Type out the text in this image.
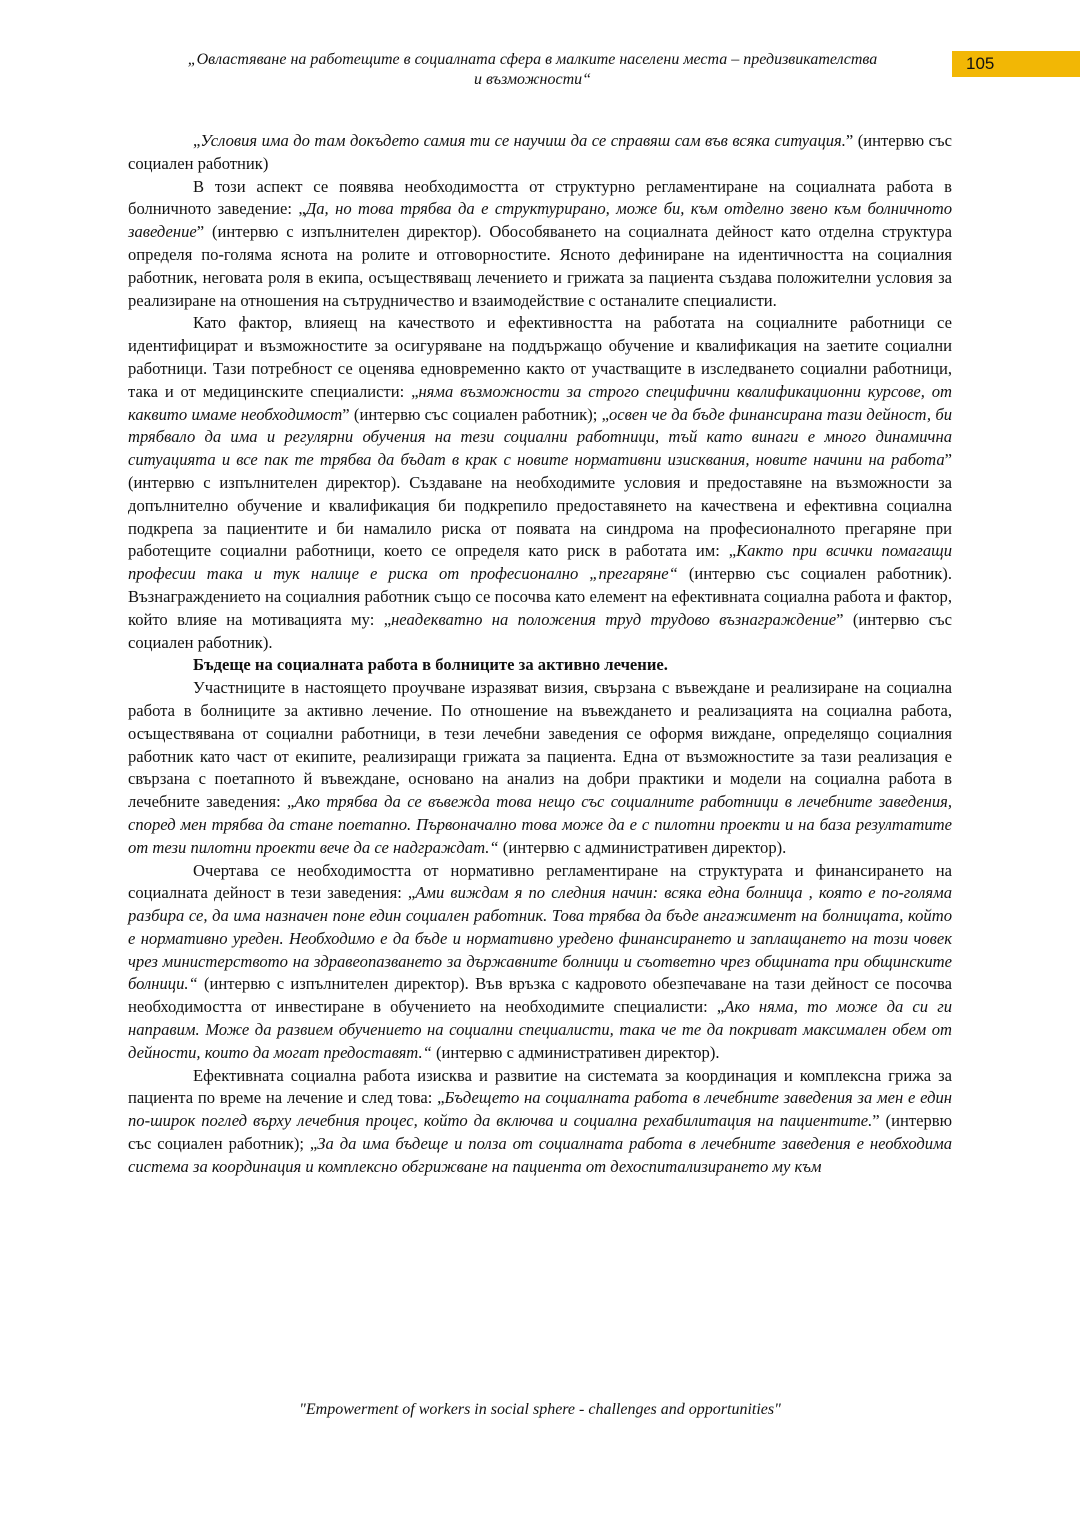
„Овластяване на работещите в социалната сфера в малките населени места – предизвикателства
и възможности“
105

„Условия има до там докъдето самия ти се научиш да се справяш сам във всяка ситуация.” (интервю със социален работник)

В този аспект се появява необходимостта от структурно регламентиране на социалната работа в болничното заведение: „Да, но това трябва да е структурирано, може би, към отделно звено към болничното заведение” (интервю с изпълнителен директор). Обособяването на социалната дейност като отделна структура определя по-голяма яснота на ролите и отговорностите. Ясното дефиниране на идентичността на социалния работник, неговата роля в екипа, осъществяващ лечението и грижата за пациента създава положителни условия за реализиране на отношения на сътрудничество и взаимодействие с останалите специалисти.

Като фактор, влияещ на качеството и ефективността на работата на социалните работници се идентифицират и възможностите за осигуряване на поддържащо обучение и квалификация на заетите социални работници. Тази потребност се оценява едновременно както от участващите в изследването социални работници, така и от медицинските специалисти: „няма възможности за строго специфични квалификационни курсове, от каквито имаме необходимост” (интервю със социален работник); „освен че да бъде финансирана тази дейност, би трябвало да има и регулярни обучения на тези социални работници, тъй като винаги е много динамична ситуацията и все пак те трябва да бъдат в крак с новите нормативни изисквания, новите начини на работа” (интервю с изпълнителен директор). Създаване на необходимите условия и предоставяне на възможности за допълнително обучение и квалификация би подкрепило предоставянето на качествена и ефективна социална подкрепа за пациентите и би намалило риска от появата на синдрома на професионалното прегаряне при работещите социални работници, което се определя като риск в работата им: „Както при всички помагащи професии така и тук налице е риска от професионално „прегаряне“ (интервю със социален работник). Възнаграждението на социалния работник също се посочва като елемент на ефективната социална работа и фактор, който влияе на мотивацията му: „неадекватно на положения труд трудово възнаграждение” (интервю със социален работник).

Бъдеще на социалната работа в болниците за активно лечение.

Участниците в настоящето проучване изразяват визия, свързана с въвеждане и реализиране на социална работа в болниците за активно лечение. По отношение на въвеждането и реализацията на социална работа, осъществявана от социални работници, в тези лечебни заведения се оформя виждане, определящо социалния работник като част от екипите, реализиращи грижата за пациента. Една от възможностите за тази реализация е свързана с поетапното й въвеждане, основано на анализ на добри практики и модели на социална работа в лечебните заведения: „Ако трябва да се въвежда това нещо със социалните работници в лечебните заведения, според мен трябва да стане поетапно. Първоначално това може да е с пилотни проекти и на база резултатите от тези пилотни проекти вече да се надграждат.“ (интервю с административен директор).

Очертава се необходимостта от нормативно регламентиране на структурата и финансирането на социалната дейност в тези заведения: „Ами виждам я по следния начин: всяка една болница , която е по-голяма разбира се, да има назначен поне един социален работник. Това трябва да бъде ангажимент на болницата, който е нормативно уреден. Необходимо е да бъде и нормативно уредено финансирането и заплащането на този човек чрез министерството на здравеопазването за държавните болници и съответно чрез общината при общинските болници.“ (интервю с изпълнителен директор). Във връзка с кадровото обезпечаване на тази дейност се посочва необходимостта от инвестиране в обучението на необходимите специалисти: „Ако няма, то може да си ги направим. Може да развием обучението на социални специалисти, така че те да покриват максимален обем от дейности, които да могат предоставят.“ (интервю с административен директор).

Ефективната социална работа изисква и развитие на системата за координация и комплексна грижа за пациента по време на лечение и след това: „Бъдещето на социалната работа в лечебните заведения за мен е един по-широк поглед върху лечебния процес, който да включва и социална рехабилитация на пациентите.” (интервю със социален работник); „За да има бъдеще и полза от социалната работа в лечебните заведения е необходима система за координация и комплексно обгрижване на пациента от дехоспитализирането му към

"Empowerment of workers in social sphere - challenges and opportunities"
